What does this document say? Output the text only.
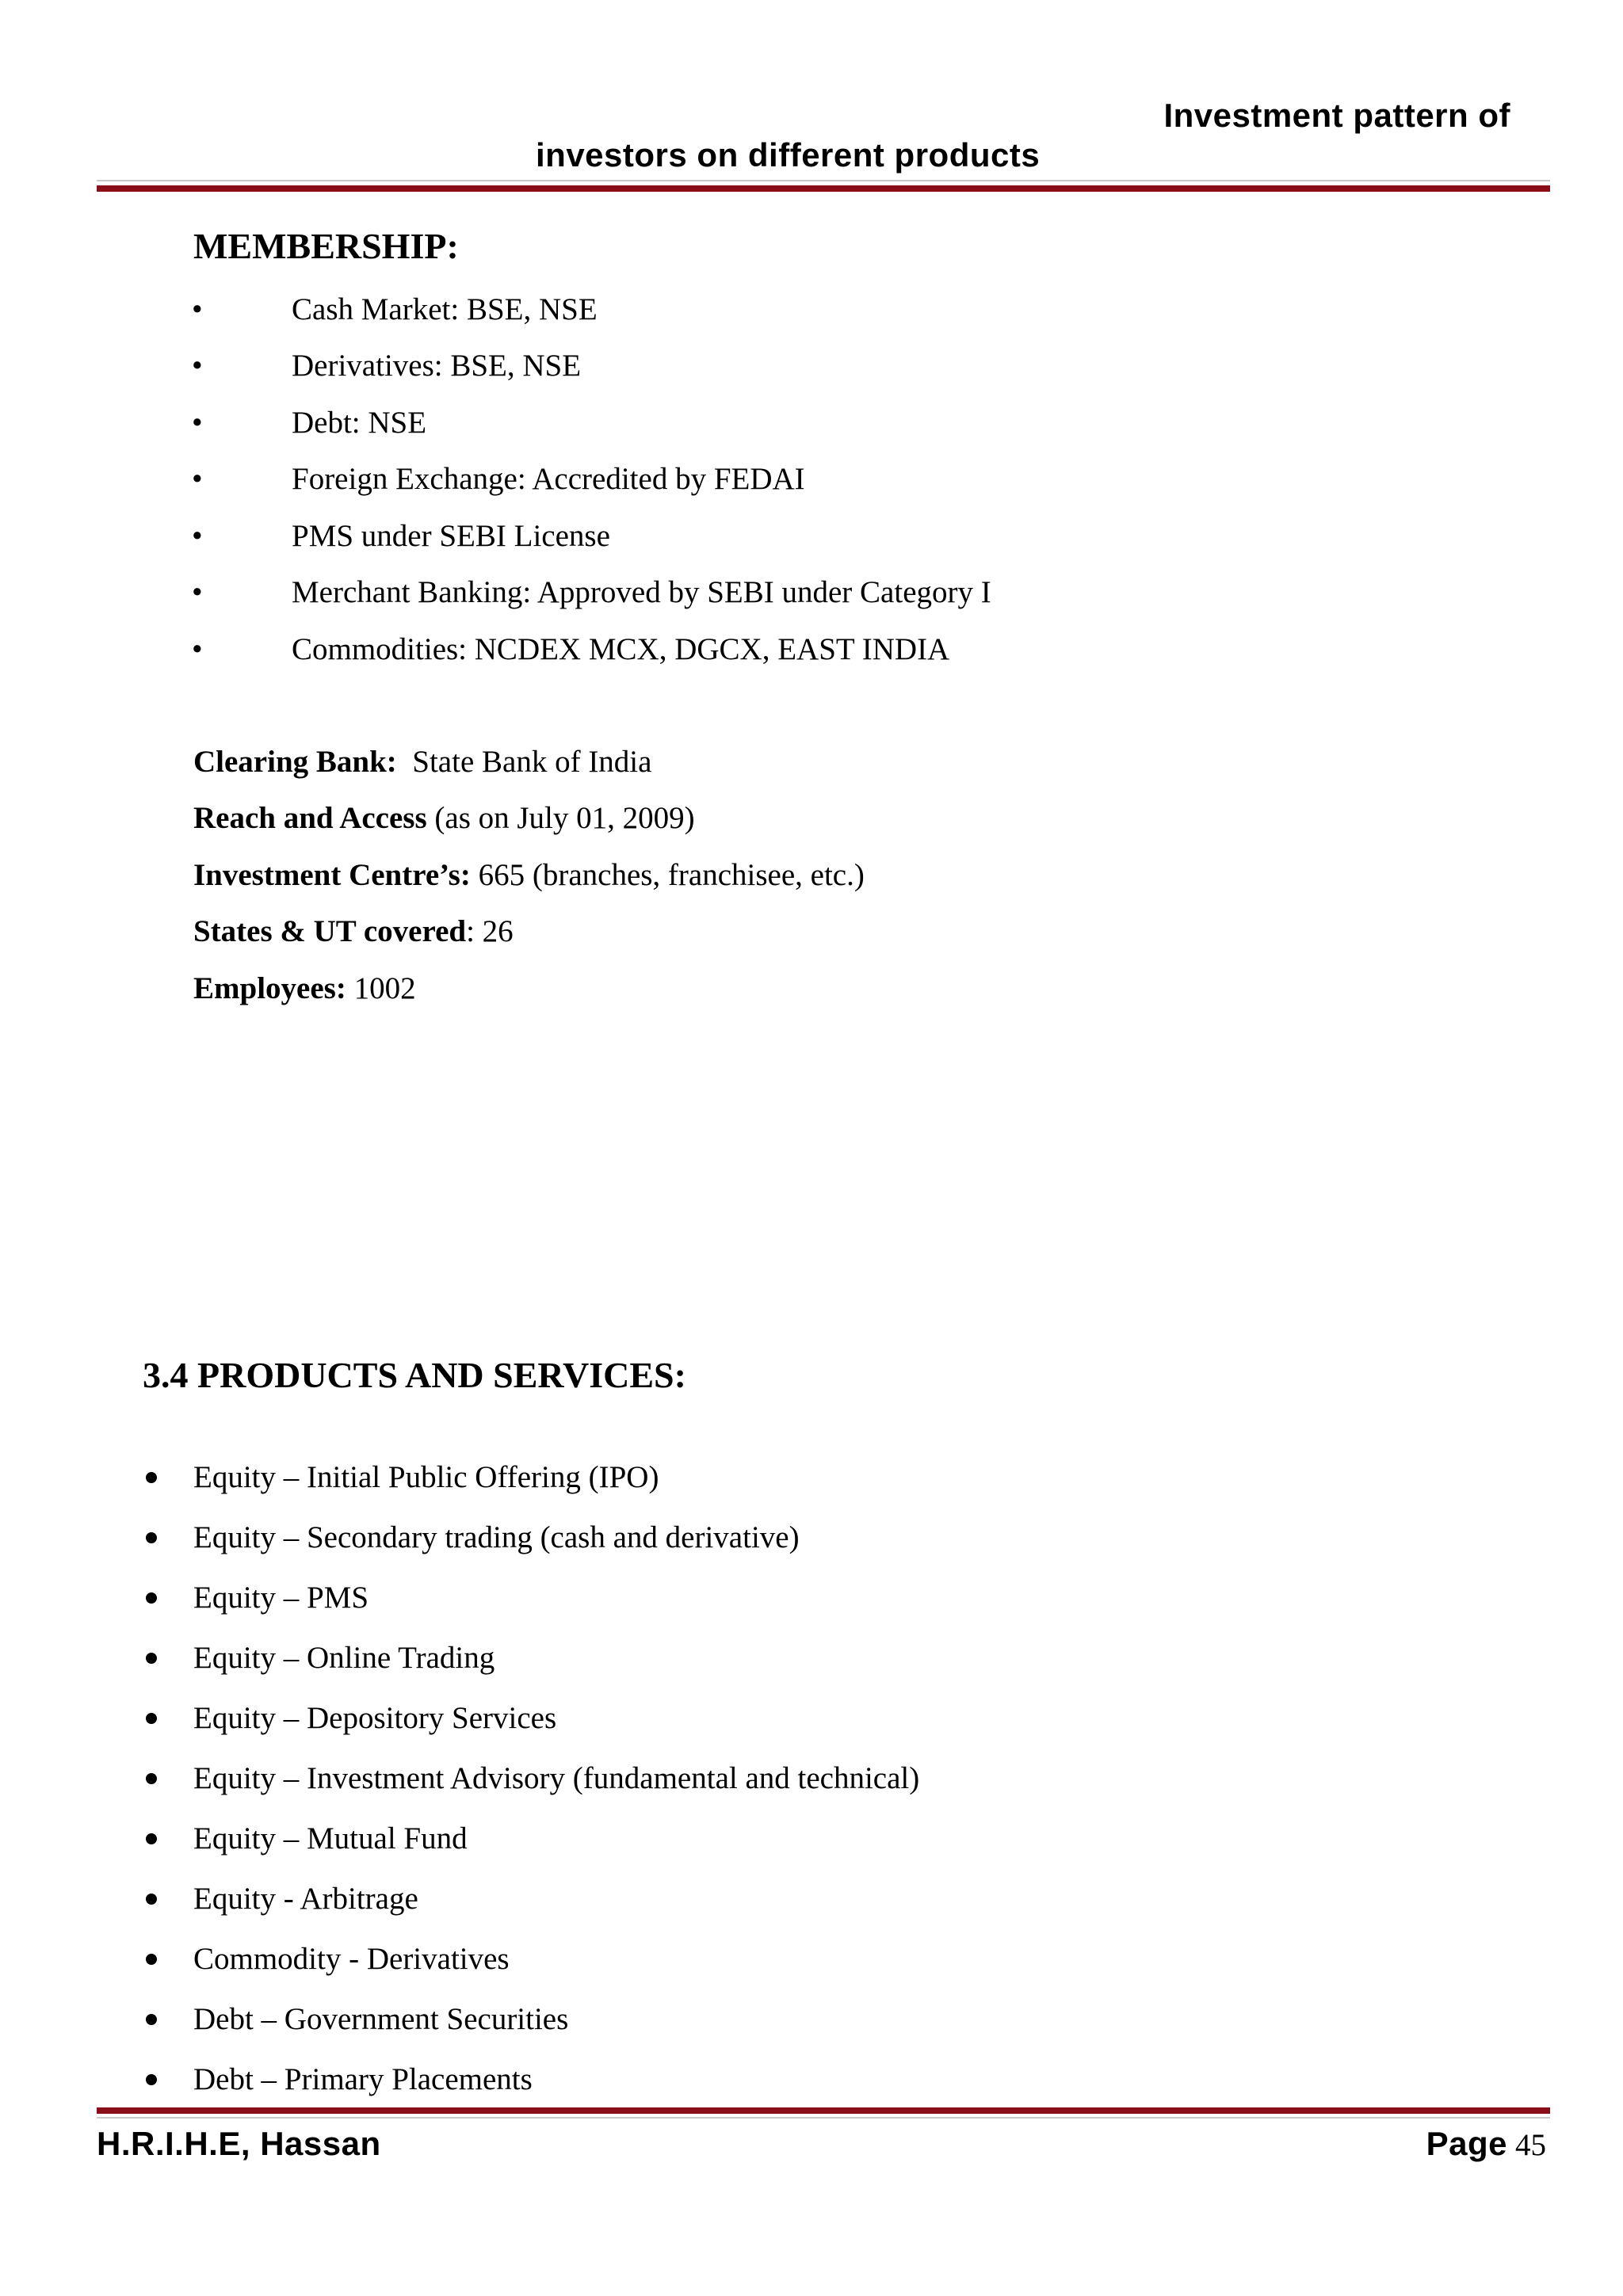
Investment pattern of
investors on different products
MEMBERSHIP:
•	Cash Market: BSE, NSE
•	Derivatives: BSE, NSE
•	Debt: NSE
•	Foreign Exchange: Accredited by FEDAI
•	PMS under SEBI License
•	Merchant Banking: Approved by SEBI under Category I
•	Commodities: NCDEX MCX, DGCX, EAST INDIA
Clearing Bank:  State Bank of India
Reach and Access (as on July 01, 2009)
Investment Centre’s: 665 (branches, franchisee, etc.)
States & UT covered: 26
Employees: 1002
3.4 PRODUCTS AND SERVICES:
Equity – Initial Public Offering (IPO)
Equity – Secondary trading (cash and derivative)
Equity – PMS
Equity – Online Trading
Equity – Depository Services
Equity – Investment Advisory (fundamental and technical)
Equity – Mutual Fund
Equity - Arbitrage
Commodity - Derivatives
Debt – Government Securities
Debt – Primary Placements
H.R.I.H.E, Hassan	Page 45
